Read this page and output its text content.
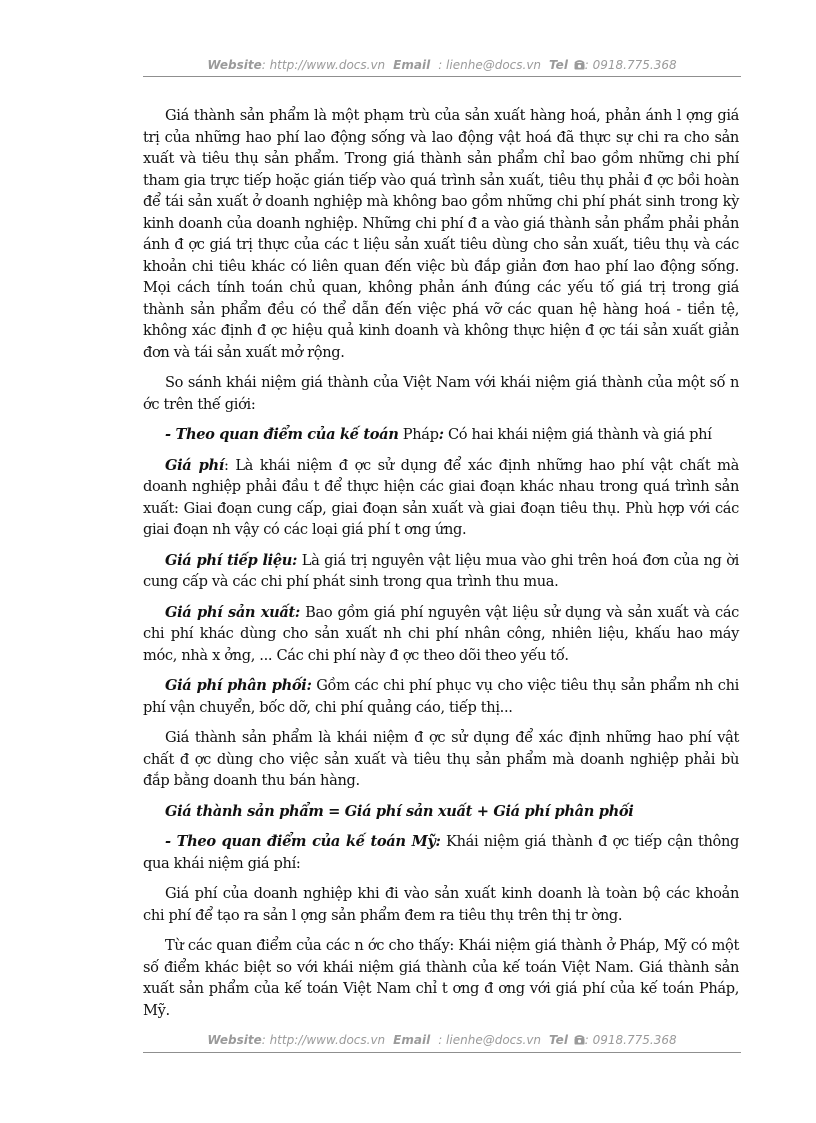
Website: http://www.docs.vn Email : lienhe@docs.vn Tel : 0918.775.368

Giá thành sản phẩm là một phạm trù của sản xuất hàng hoá, phản ánh l ợng giá trị của những hao phí lao động sống và lao động vật hoá đã thực sự chi ra cho sản xuất và tiêu thụ sản phẩm. Trong giá thành sản phẩm chỉ bao gồm những chi phí tham gia trực tiếp hoặc gián tiếp vào quá trình sản xuất, tiêu thụ phải đ ợc bồi hoàn để tái sản xuất ở doanh nghiệp mà không bao gồm những chi phí phát sinh trong kỳ kinh doanh của doanh nghiệp. Những chi phí đ a vào giá thành sản phẩm phải phản ánh đ ợc giá trị thực của các t liệu sản xuất tiêu dùng cho sản xuất, tiêu thụ và các khoản chi tiêu khác có liên quan đến việc bù đắp giản đơn hao phí lao động sống. Mọi cách tính toán chủ quan, không phản ánh đúng các yếu tố giá trị trong giá thành sản phẩm đều có thể dẫn đến việc phá vỡ các quan hệ hàng hoá - tiền tệ, không xác định đ ợc hiệu quả kinh doanh và không thực hiện đ ợc tái sản xuất giản đơn và tái sản xuất mở rộng.

So sánh khái niệm giá thành của Việt Nam với khái niệm giá thành của một số n ớc trên thế giới:

- Theo quan điểm của kế toán Pháp: Có hai khái niệm giá thành và giá phí

Giá phí: Là khái niệm đ ợc sử dụng để xác định những hao phí vật chất mà doanh nghiệp phải đầu t để thực hiện các giai đoạn khác nhau trong quá trình sản xuất: Giai đoạn cung cấp, giai đoạn sản xuất và giai đoạn tiêu thụ. Phù hợp với các giai đoạn nh vậy có các loại giá phí t ơng ứng.

Giá phí tiếp liệu: Là giá trị nguyên vật liệu mua vào ghi trên hoá đơn của ng ời cung cấp và các chi phí phát sinh trong qua trình thu mua.

Giá phí sản xuất: Bao gồm giá phí nguyên vật liệu sử dụng và sản xuất và các chi phí khác dùng cho sản xuất nh chi phí nhân công, nhiên liệu, khấu hao máy móc, nhà x ởng, ... Các chi phí này đ ợc theo dõi theo yếu tố.

Giá phí phân phối: Gồm các chi phí phục vụ cho việc tiêu thụ sản phẩm nh chi phí vận chuyển, bốc dỡ, chi phí quảng cáo, tiếp thị...

Giá thành sản phẩm là khái niệm đ ợc sử dụng để xác định những hao phí vật chất đ ợc dùng cho việc sản xuất và tiêu thụ sản phẩm mà doanh nghiệp phải bù đắp bằng doanh thu bán hàng.

Giá thành sản phẩm = Giá phí sản xuất + Giá phí phân phối

- Theo quan điểm của kế toán Mỹ: Khái niệm giá thành đ ợc tiếp cận thông qua khái niệm giá phí:

Giá phí của doanh nghiệp khi đi vào sản xuất kinh doanh là toàn bộ các khoản chi phí để tạo ra sản l ợng sản phẩm đem ra tiêu thụ trên thị tr ờng.

Từ các quan điểm của các n ớc cho thấy: Khái niệm giá thành ở Pháp, Mỹ có một số điểm khác biệt so với khái niệm giá thành của kế toán Việt Nam. Giá thành sản xuất sản phẩm của kế toán Việt Nam chỉ t ơng đ ơng với giá phí của kế toán Pháp, Mỹ.

Website: http://www.docs.vn Email : lienhe@docs.vn Tel : 0918.775.368
